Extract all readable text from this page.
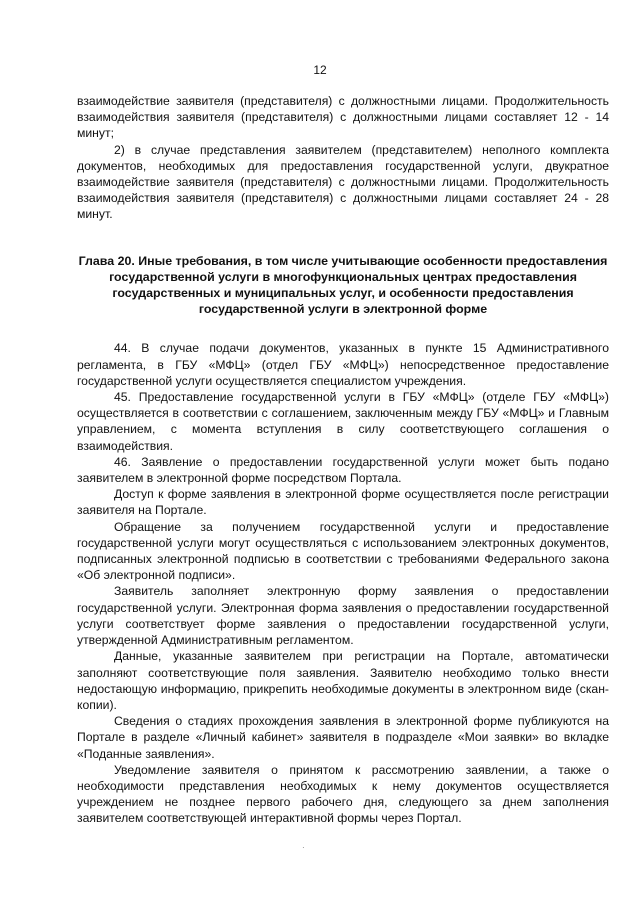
12

взаимодействие заявителя (представителя) с должностными лицами. Продолжительность взаимодействия заявителя (представителя) с должностными лицами составляет 12 - 14 минут;

2) в случае представления заявителем (представителем) неполного комплекта документов, необходимых для предоставления государственной услуги, двукратное взаимодействие заявителя (представителя) с должностными лицами. Продолжительность взаимодействия заявителя (представителя) с должностными лицами составляет 24 - 28 минут.

Глава 20. Иные требования, в том числе учитывающие особенности предоставления государственной услуги в многофункциональных центрах предоставления государственных и муниципальных услуг, и особенности предоставления государственной услуги в электронной форме

44. В случае подачи документов, указанных в пункте 15 Административного регламента, в ГБУ «МФЦ» (отдел ГБУ «МФЦ») непосредственное предоставление государственной услуги осуществляется специалистом учреждения.

45. Предоставление государственной услуги в ГБУ «МФЦ» (отделе ГБУ «МФЦ») осуществляется в соответствии с соглашением, заключенным между ГБУ «МФЦ» и Главным управлением, с момента вступления в силу соответствующего соглашения о взаимодействия.

46. Заявление о предоставлении государственной услуги может быть подано заявителем в электронной форме посредством Портала.

Доступ к форме заявления в электронной форме осуществляется после регистрации заявителя на Портале.

Обращение за получением государственной услуги и предоставление государственной услуги могут осуществляться с использованием электронных документов, подписанных электронной подписью в соответствии с требованиями Федерального закона «Об электронной подписи».

Заявитель заполняет электронную форму заявления о предоставлении государственной услуги. Электронная форма заявления о предоставлении государственной услуги соответствует форме заявления о предоставлении государственной услуги, утвержденной Административным регламентом.

Данные, указанные заявителем при регистрации на Портале, автоматически заполняют соответствующие поля заявления. Заявителю необходимо только внести недостающую информацию, прикрепить необходимые документы в электронном виде (скан-копии).

Сведения о стадиях прохождения заявления в электронной форме публикуются на Портале в разделе «Личный кабинет» заявителя в подразделе «Мои заявки» во вкладке «Поданные заявления».

Уведомление заявителя о принятом к рассмотрению заявлении, а также о необходимости представления необходимых к нему документов осуществляется учреждением не позднее первого рабочего дня, следующего за днем заполнения заявителем соответствующей интерактивной формы через Портал.

·
